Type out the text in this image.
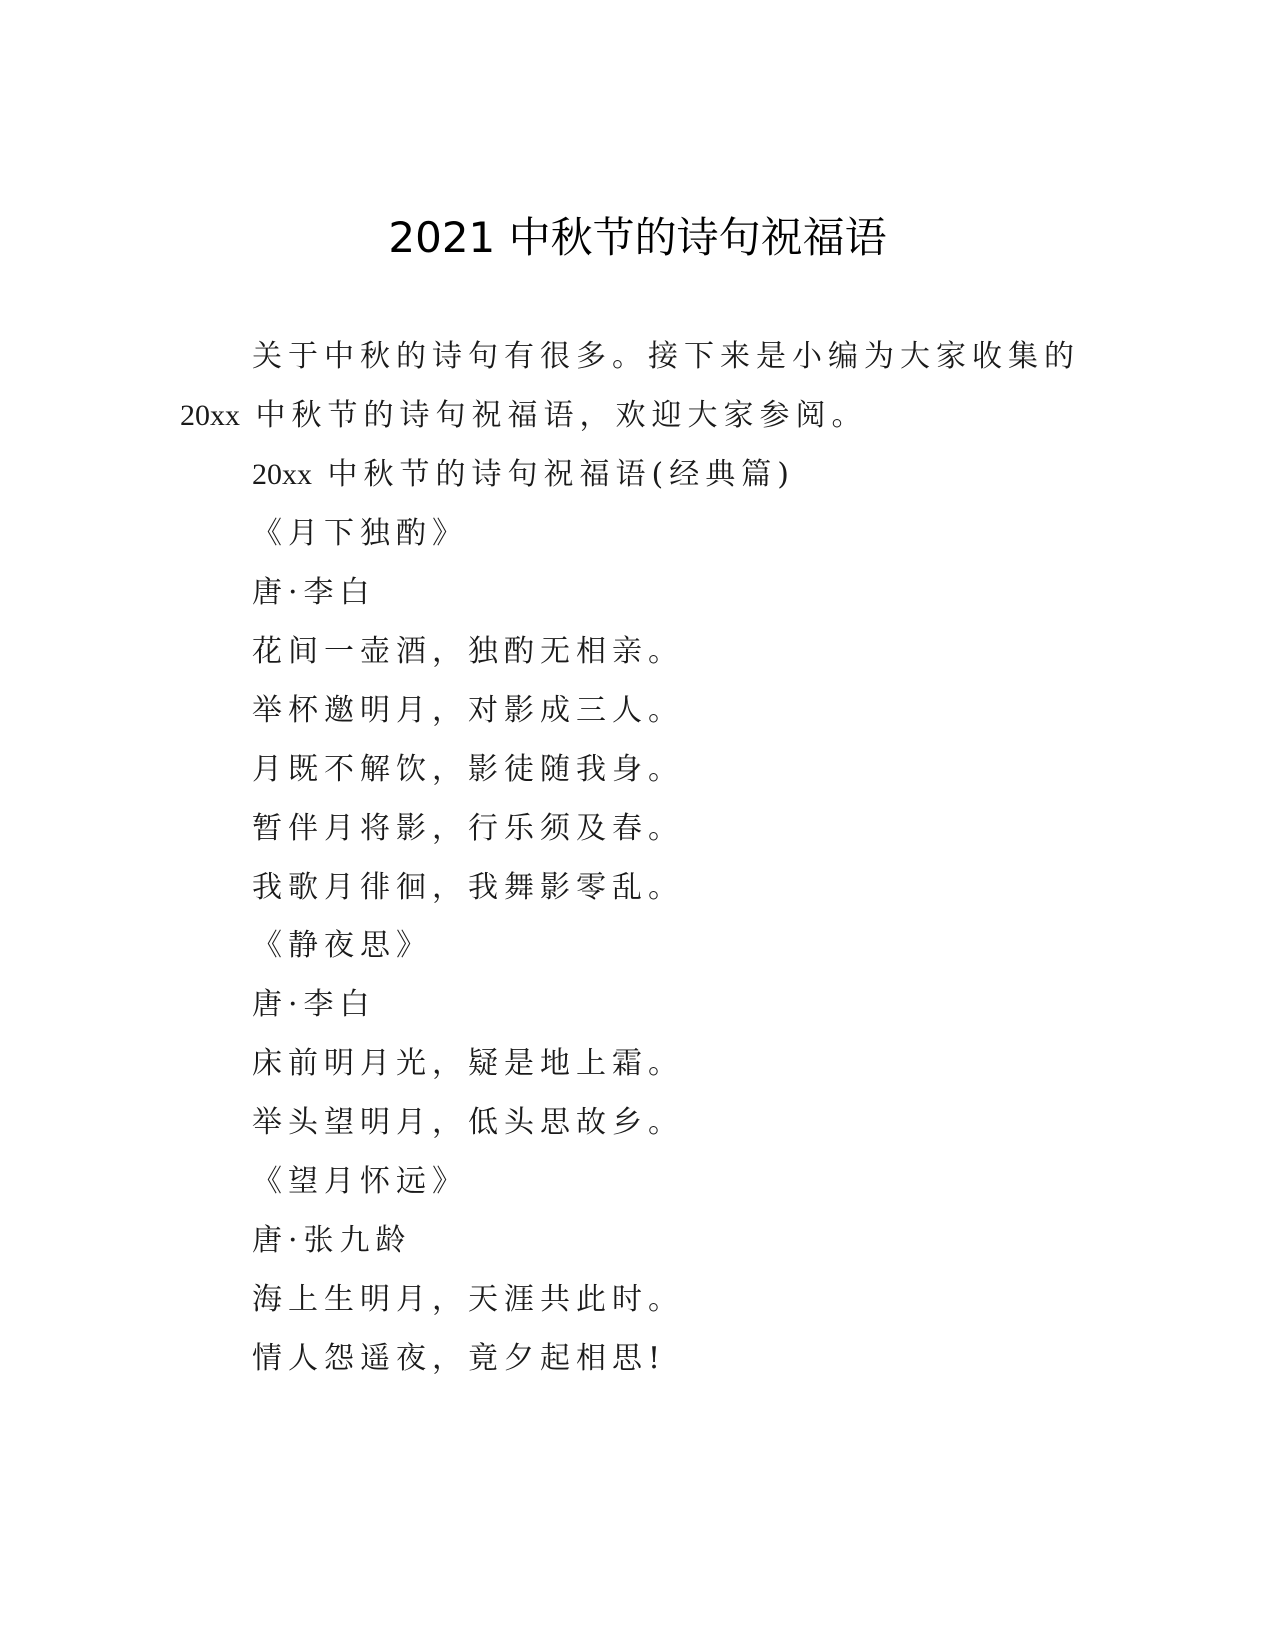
2021 中秋节的诗句祝福语
关于中秋的诗句有很多。接下来是小编为大家收集的
20xx 中秋节的诗句祝福语，欢迎大家参阅。
20xx 中秋节的诗句祝福语(经典篇)
《月下独酌》
唐·李白
花间一壶酒，独酌无相亲。
举杯邀明月，对影成三人。
月既不解饮，影徒随我身。
暂伴月将影，行乐须及春。
我歌月徘徊，我舞影零乱。
《静夜思》
唐·李白
床前明月光，疑是地上霜。
举头望明月，低头思故乡。
《望月怀远》
唐·张九龄
海上生明月，天涯共此时。
情人怨遥夜，竟夕起相思!
